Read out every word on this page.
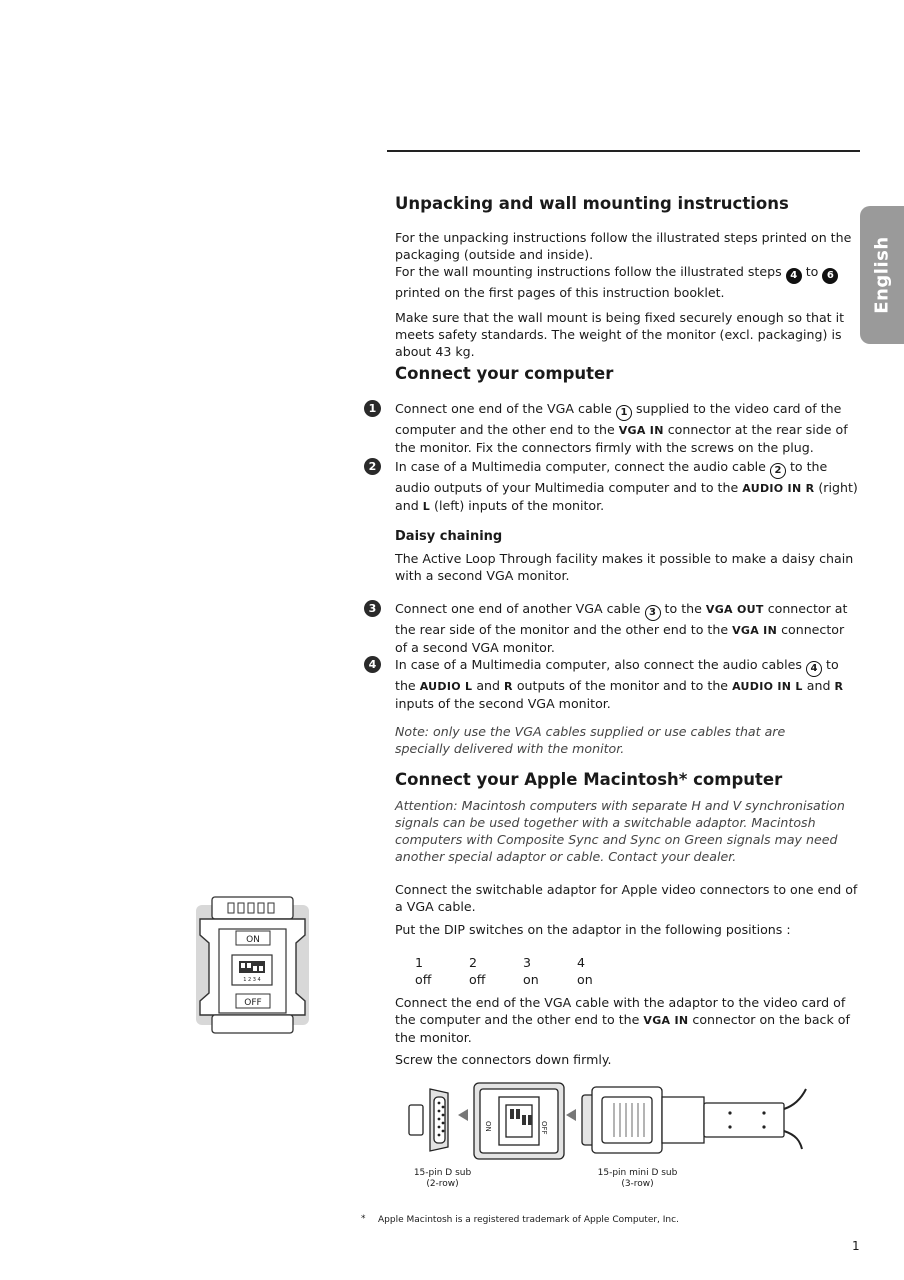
English
Unpacking and wall mounting instructions

For the unpacking instructions follow the illustrated steps printed on the packaging (outside and inside).

For the wall mounting instructions follow the illustrated steps 4 to 6 printed on the first pages of this instruction booklet.

Make sure that the wall mount is being fixed securely enough so that it meets safety standards. The weight of the monitor (excl. packaging) is about 43 kg.

Connect your computer
1	Connect one end of the VGA cable 1 supplied to the video card of the computer and the other end to the VGA IN connector at the rear side of the monitor. Fix the connectors firmly with the screws on the plug.

2	In case of a Multimedia computer, connect the audio cable 2 to the audio outputs of your Multimedia computer and to the AUDIO IN R (right) and L (left) inputs of the monitor.

Daisy chaining

The Active Loop Through facility makes it possible to make a daisy chain with a second VGA monitor.

3	Connect one end of another VGA cable 3 to the VGA OUT connector at the rear side of the monitor and the other end to the VGA IN connector of a second VGA monitor.

4	In case of a Multimedia computer, also connect the audio cables 4 to the AUDIO L and R outputs of the monitor and to the AUDIO IN L and R inputs of the second VGA monitor.

Note: only use the VGA cables supplied or use cables that are specially delivered with the monitor.

Connect your Apple Macintosh* computer

Attention: Macintosh computers with separate H and V synchronisation signals can be used together with a switchable adaptor. Macintosh computers with Composite Sync and Sync on Green signals may need another special adaptor or cable. Contact your dealer.

Connect the switchable adaptor for Apple video connectors to one end of a VGA cable.

Put the DIP switches on the adaptor in the following positions :

1	2	3	4
off	off	on	on

Connect the end of the VGA cable with the adaptor to the video card of the computer and the other end to the VGA IN connector on the back of the monitor.

Screw the connectors down firmly.

ON
1 2 3 4
OFF
ON	OFF
15-pin D sub
(2-row)
15-pin mini D sub
(3-row)
* Apple Macintosh is a registered trademark of Apple Computer, Inc.
1
